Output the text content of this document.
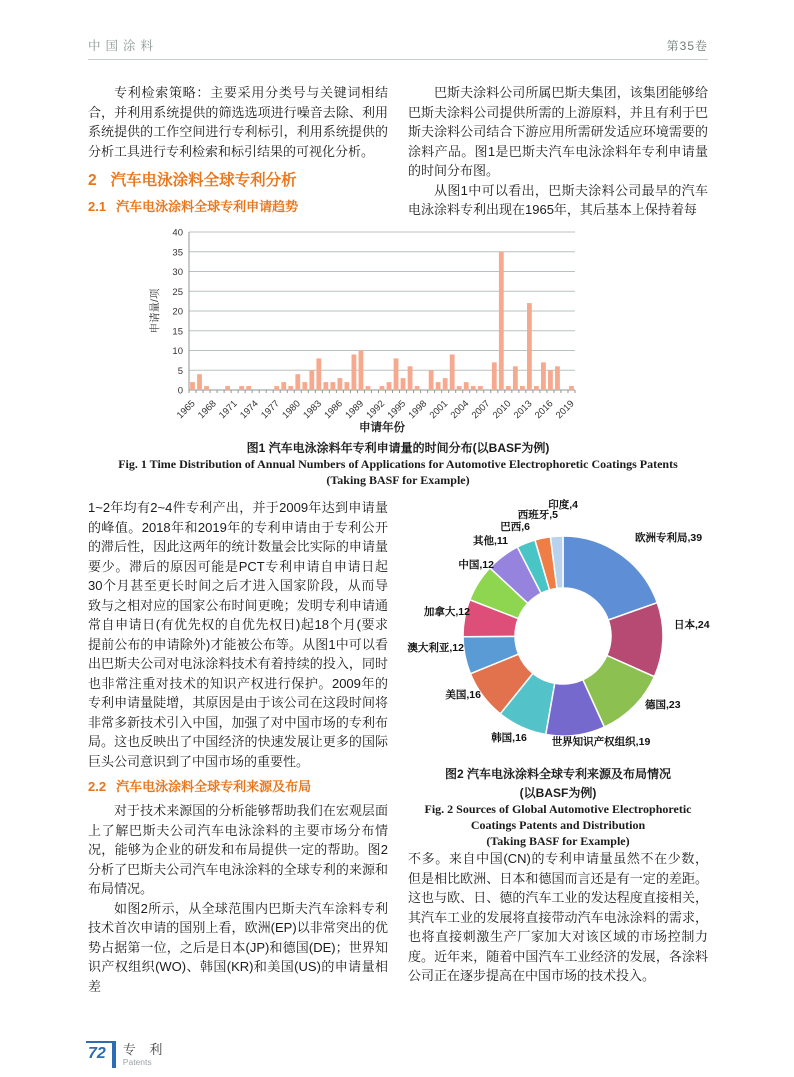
中国涂料	第35卷

专利检索策略：主要采用分类号与关键词相结合，并利用系统提供的筛选选项进行噪音去除、利用系统提供的工作空间进行专利标引，利用系统提供的分析工具进行专利检索和标引结果的可视化分析。

2 汽车电泳涂料全球专利分析
2.1 汽车电泳涂料全球专利申请趋势

巴斯夫涂料公司所属巴斯夫集团，该集团能够给巴斯夫涂料公司提供所需的上游原料，并且有利于巴斯夫涂料公司结合下游应用所需研发适应环境需要的涂料产品。图1是巴斯夫汽车电泳涂料年专利申请量的时间分布图。

从图1中可以看出，巴斯夫涂料公司最早的汽车电泳涂料专利出现在1965年，其后基本上保持着每

0
5
10
15
20
25
30
35
40
1965
1968
1971
1974
1977
1980
1983
1986
1989
1992
1995
1998
2001
2004
2007
2010
2013
2016
2019
申请量/项
申请年份
图1 汽车电泳涂料年专利申请量的时间分布(以BASF为例)
Fig. 1 Time Distribution of Annual Numbers of Applications for Automotive Electrophoretic Coatings Patents
(Taking BASF for Example)

1~2年均有2~4件专利产出，并于2009年达到申请量的峰值。2018年和2019年的专利申请由于专利公开的滞后性，因此这两年的统计数量会比实际的申请量要少。滞后的原因可能是PCT专利申请自申请日起30个月甚至更长时间之后才进入国家阶段，从而导致与之相对应的国家公布时间更晚；发明专利申请通常自申请日(有优先权的自优先权日)起18个月(要求提前公布的申请除外)才能被公布等。从图1中可以看出巴斯夫公司对电泳涂料技术有着持续的投入，同时也非常注重对技术的知识产权进行保护。2009年的专利申请量陡增，其原因是由于该公司在这段时间将非常多新技术引入中国，加强了对中国市场的专利布局。这也反映出了中国经济的快速发展让更多的国际巨头公司意识到了中国市场的重要性。

2.2 汽车电泳涂料全球专利来源及布局

对于技术来源国的分析能够帮助我们在宏观层面上了解巴斯夫公司汽车电泳涂料的主要市场分布情况，能够为企业的研发和布局提供一定的帮助。图2分析了巴斯夫公司汽车电泳涂料的全球专利的来源和布局情况。

如图2所示，从全球范围内巴斯夫汽车涂料专利技术首次申请的国别上看，欧洲(EP)以非常突出的优势占据第一位，之后是日本(JP)和德国(DE)；世界知识产权组织(WO)、韩国(KR)和美国(US)的申请量相差

欧洲专利局,39
日本,24
德国,23
世界知识产权组织,19
韩国,16
美国,16
澳大利亚,12
加拿大,12
中国,12
其他,11
巴西,6
西班牙,5
印度,4
图2 汽车电泳涂料全球专利来源及布局情况
(以BASF为例)
Fig. 2 Sources of Global Automotive Electrophoretic
Coatings Patents and Distribution
(Taking BASF for Example)

不多。来自中国(CN)的专利申请量虽然不在少数，但是相比欧洲、日本和德国而言还是有一定的差距。这也与欧、日、德的汽车工业的发达程度直接相关，其汽车工业的发展将直接带动汽车电泳涂料的需求，也将直接刺激生产厂家加大对该区域的市场控制力度。近年来，随着中国汽车工业经济的发展，各涂料公司正在逐步提高在中国市场的技术投入。

72	专 利
Patents
